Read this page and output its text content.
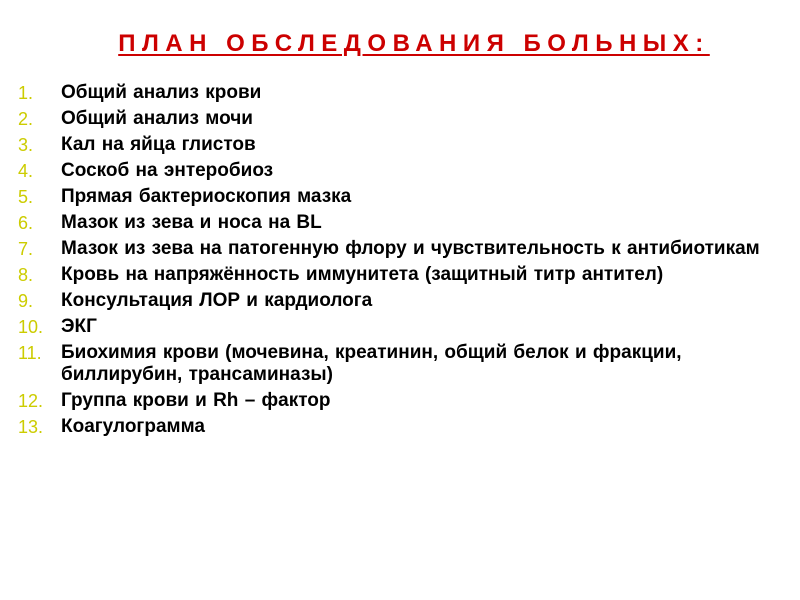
ПЛАН ОБСЛЕДОВАНИЯ БОЛЬНЫХ:
1.	Общий анализ крови
2.	Общий анализ мочи
3.	Кал на яйца глистов
4.	Соскоб на энтеробиоз
5.	Прямая бактериоскопия мазка
6.	Мазок из зева и носа на BL
7.	Мазок из зева на патогенную флору и чувствительность к антибиотикам
8.	Кровь на напряжённость иммунитета (защитный титр антител)
9.	Консультация ЛОР и кардиолога
10. ЭКГ
11.	Биохимия крови (мочевина, креатинин, общий белок и фракции, биллирубин, трансаминазы)
12. Группа крови и Rh – фактор
13. Коагулограмма
